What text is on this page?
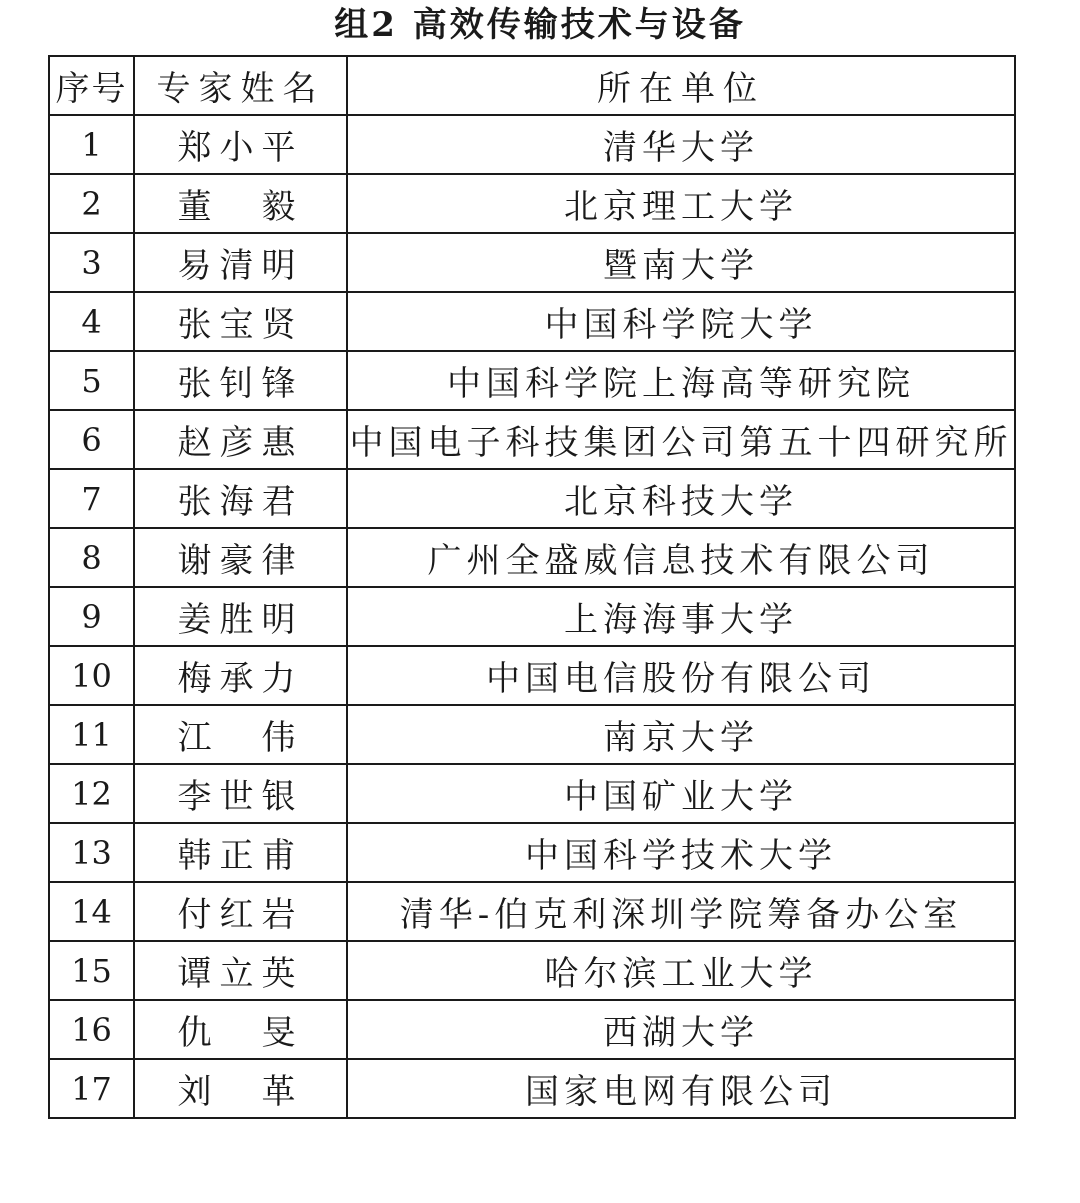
组2 高效传输技术与设备
序号	专家姓名	所在单位
1	郑小平	清华大学
2	董　毅	北京理工大学
3	易清明	暨南大学
4	张宝贤	中国科学院大学
5	张钊锋	中国科学院上海高等研究院
6	赵彦惠	中国电子科技集团公司第五十四研究所
7	张海君	北京科技大学
8	谢豪律	广州全盛威信息技术有限公司
9	姜胜明	上海海事大学
10	梅承力	中国电信股份有限公司
11	江　伟	南京大学
12	李世银	中国矿业大学
13	韩正甫	中国科学技术大学
14	付红岩	清华-伯克利深圳学院筹备办公室
15	谭立英	哈尔滨工业大学
16	仇　旻	西湖大学
17	刘　革	国家电网有限公司
